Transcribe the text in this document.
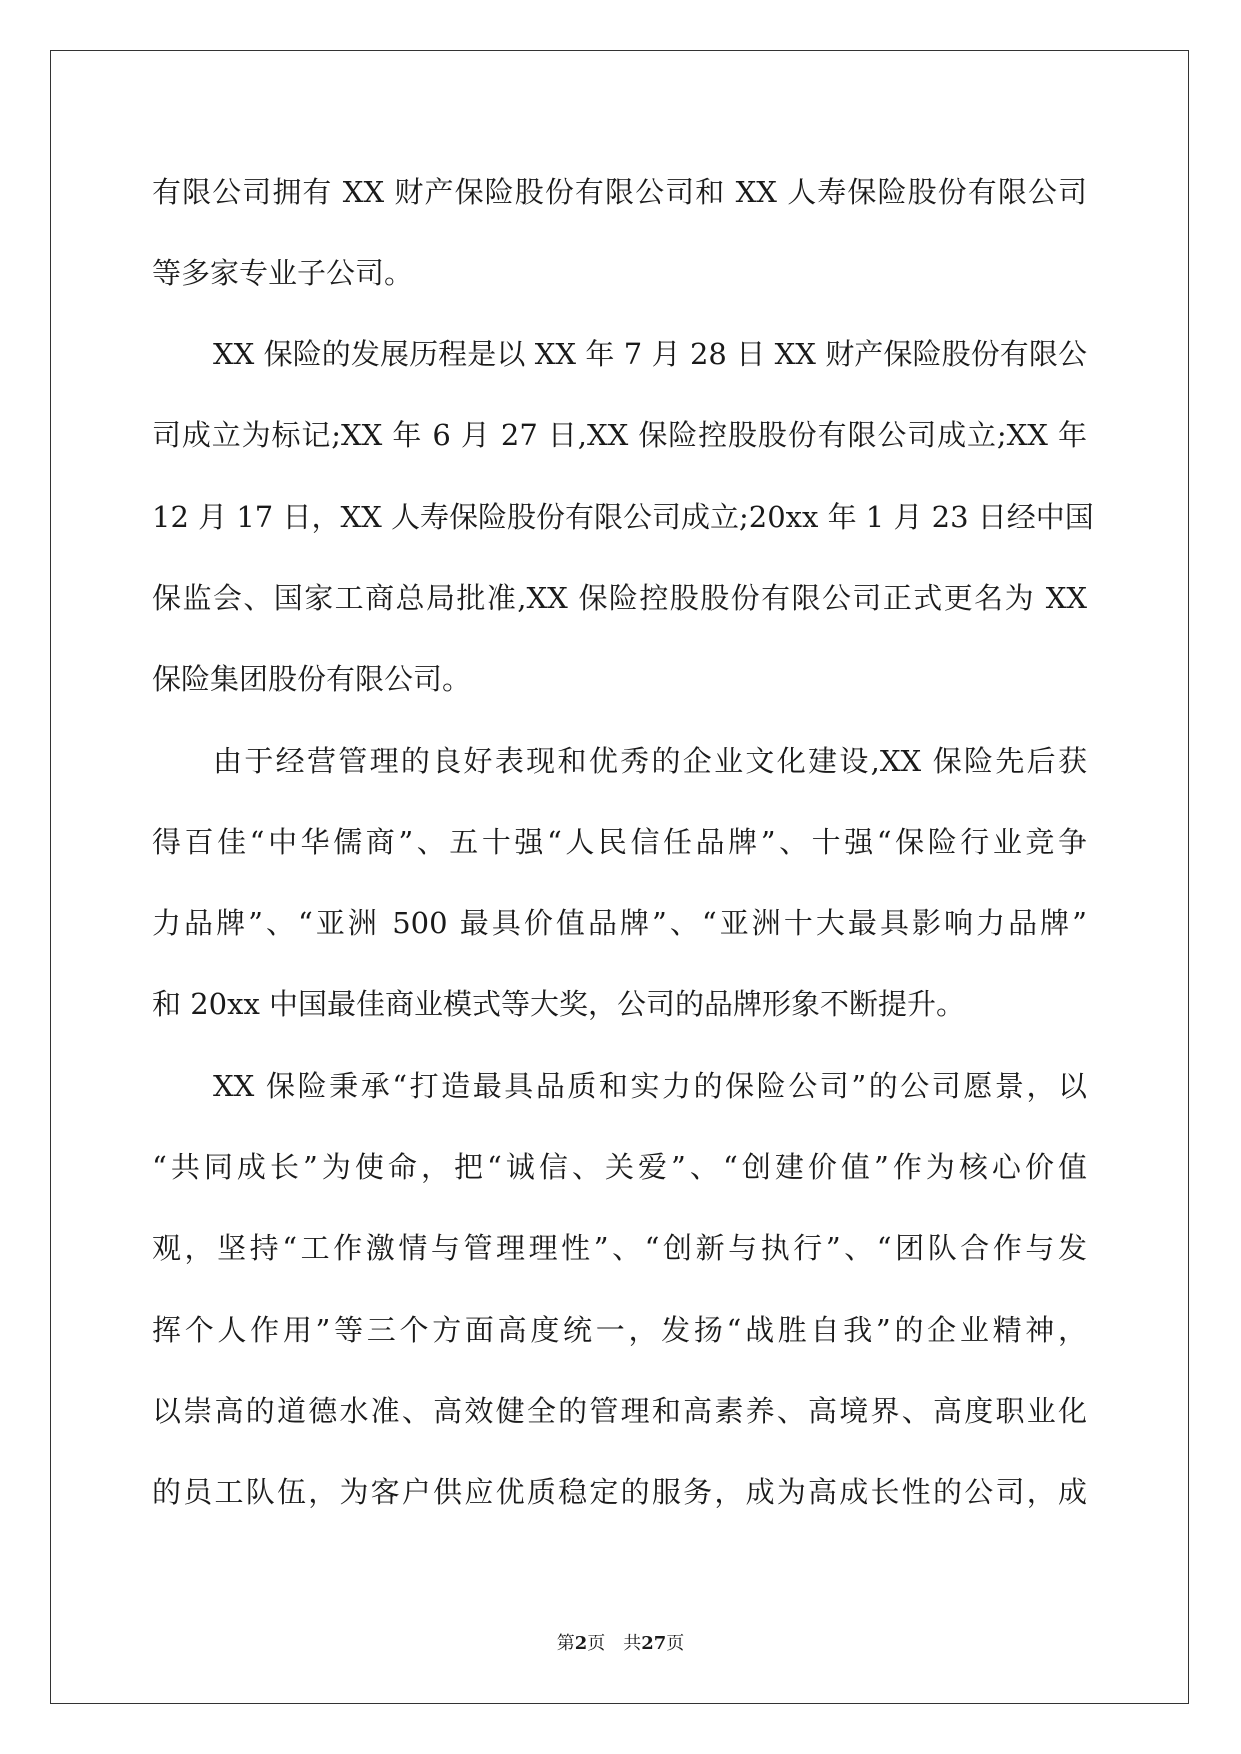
有限公司拥有 XX 财产保险股份有限公司和 XX 人寿保险股份有限公司
等多家专业子公司。
XX 保险的发展历程是以 XX 年 7 月 28 日 XX 财产保险股份有限公
司成立为标记;XX 年 6 月 27 日,XX 保险控股股份有限公司成立;XX 年
12 月 17 日，XX 人寿保险股份有限公司成立;20xx 年 1 月 23 日经中国
保监会、国家工商总局批准,XX 保险控股股份有限公司正式更名为 XX
保险集团股份有限公司。
由于经营管理的良好表现和优秀的企业文化建设,XX 保险先后获
得百佳“中华儒商”、五十强“人民信任品牌”、十强“保险行业竞争
力品牌”、“亚洲 500 最具价值品牌”、“亚洲十大最具影响力品牌”
和 20xx 中国最佳商业模式等大奖，公司的品牌形象不断提升。
XX 保险秉承“打造最具品质和实力的保险公司”的公司愿景，以
“共同成长”为使命，把“诚信、关爱”、“创建价值”作为核心价值
观，坚持“工作激情与管理理性”、“创新与执行”、“团队合作与发
挥个人作用”等三个方面高度统一，发扬“战胜自我”的企业精神，
以崇高的道德水准、高效健全的管理和高素养、高境界、高度职业化
的员工队伍，为客户供应优质稳定的服务，成为高成长性的公司，成
第2页 共27页
